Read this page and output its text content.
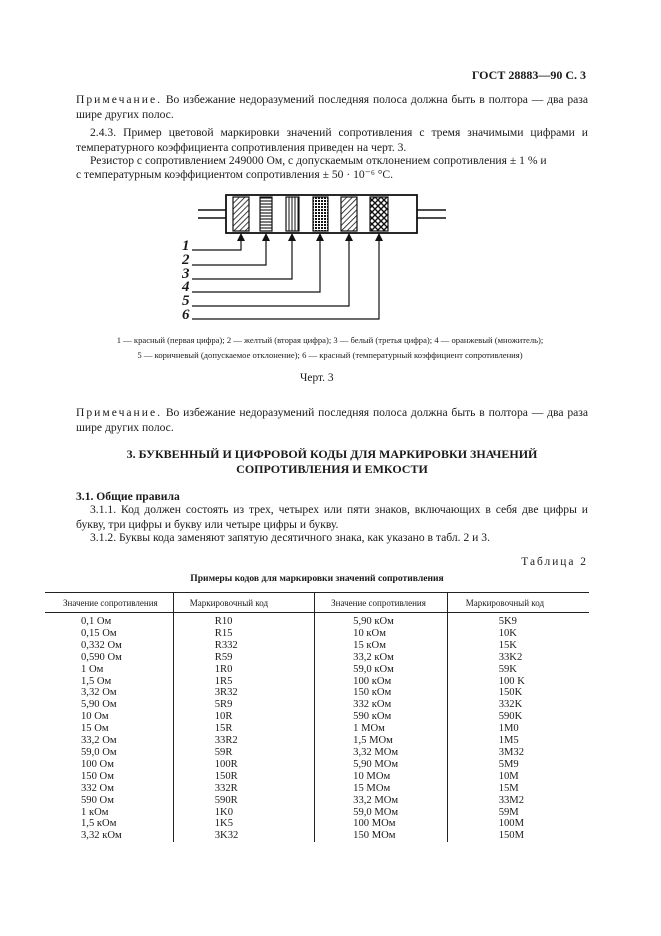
ГОСТ 28883—90 С. 3
Примечание. Во избежание недоразумений последняя полоса должна быть в полтора — два раза шире других полос.
2.4.3. Пример цветовой маркировки значений сопротивления с тремя значимыми цифрами и температурного коэффициента сопротивления приведен на черт. 3.
Резистор с сопротивлением 249000 Ом, с допускаемым отклонением сопротивления ± 1 % и
с температурным коэффициентом сопротивления ± 50 · 10⁻⁶ °С.
1
2
3
4
5
6
1 — красный (первая цифра); 2 — желтый (вторая цифра); 3 — белый (третья цифра); 4 — оранжевый (множитель);
5 — коричневый (допускаемое отклонение); 6 — красный (температурный коэффициент сопротивления)
Черт. 3
Примечание. Во избежание недоразумений последняя полоса должна быть в полтора — два раза шире других полос.
3. БУКВЕННЫЙ И ЦИФРОВОЙ КОДЫ ДЛЯ МАРКИРОВКИ ЗНАЧЕНИЙ
СОПРОТИВЛЕНИЯ И ЕМКОСТИ
3.1. Общие правила
3.1.1. Код должен состоять из трех, четырех или пяти знаков, включающих в себя две цифры и букву, три цифры и букву или четыре цифры и букву.
3.1.2. Буквы кода заменяют запятую десятичного знака, как указано в табл. 2 и 3.
Таблица 2
Примеры кодов для маркировки значений сопротивления
Значение сопротивления	Маркировочный код	Значение сопротивления	Маркировочный код
0,1 Ом	R10	5,90 кОм	5K9
0,15 Ом	R15	10 кОм	10K
0,332 Ом	R332	15 кОм	15K
0,590 Ом	R59	33,2 кОм	33K2
1 Ом	1R0	59,0 кОм	59K
1,5 Ом	1R5	100 кОм	100 K
3,32 Ом	3R32	150 кОм	150K
5,90 Ом	5R9	332 кОм	332K
10 Ом	10R	590 кОм	590K
15 Ом	15R	1 МОм	1M0
33,2 Ом	33R2	1,5 МОм	1M5
59,0 Ом	59R	3,32 МОм	3M32
100 Ом	100R	5,90 МОм	5M9
150 Ом	150R	10 МОм	10M
332 Ом	332R	15 МОм	15M
590 Ом	590R	33,2 МОм	33M2
1 кОм	1K0	59,0 МОм	59M
1,5 кОм	1K5	100 МОм	100M
3,32 кОм	3K32	150 МОм	150M
